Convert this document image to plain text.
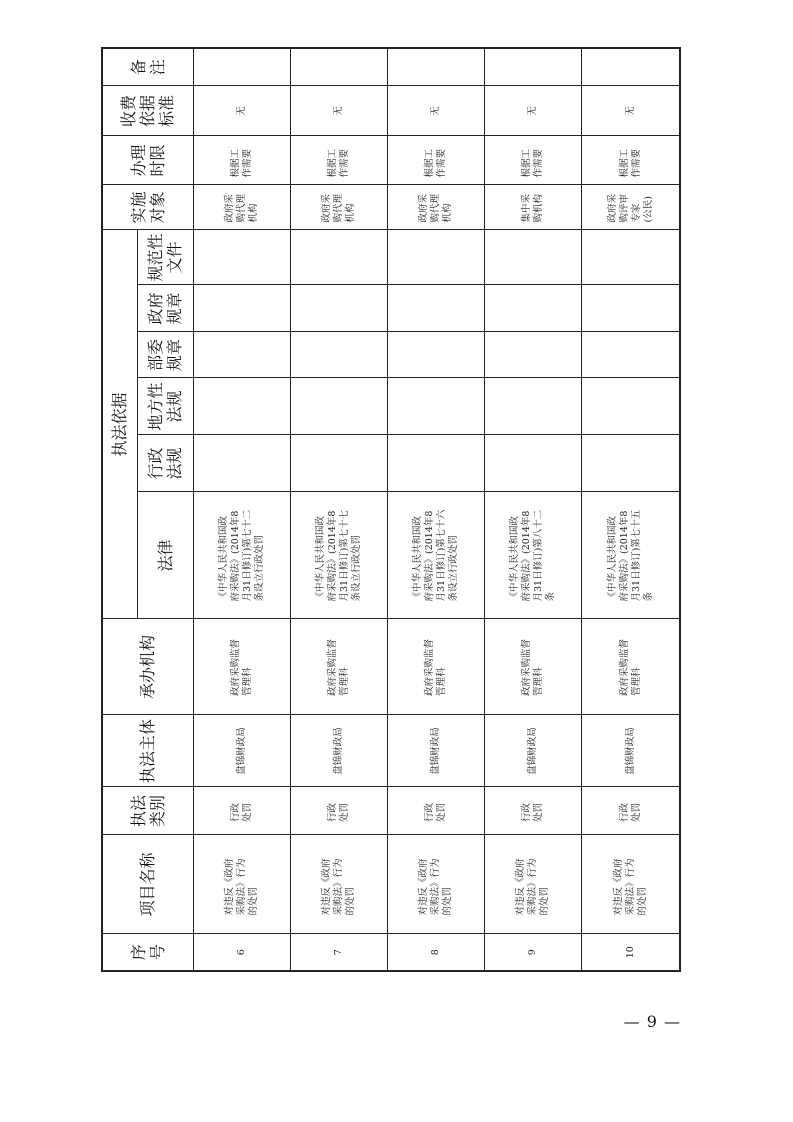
序号	项目名称	执法类别	执法主体	承办机构	执法依据						实施对象	办理时限	收费依据标准	备注
					法律	行政法规	地方性法规	部委规章	政府规章	规范性文件				
6	对违反《政府采购法》行为的处罚	行政处罚	盘锦财政局	政府采购监督管理科	《中华人民共和国政府采购法》(2014年8月31日修订)第七十二条设立行政处罚						政府采购代理机构	根据工作需要	无	
7	对违反《政府采购法》行为的处罚	行政处罚	盘锦财政局	政府采购监督管理科	《中华人民共和国政府采购法》(2014年8月31日修订)第七十七条设立行政处罚						政府采购代理机构	根据工作需要	无	
8	对违反《政府采购法》行为的处罚	行政处罚	盘锦财政局	政府采购监督管理科	《中华人民共和国政府采购法》(2014年8月31日修订)第七十六条设立行政处罚						政府采购代理机构	根据工作需要	无	
9	对违反《政府采购法》行为的处罚	行政处罚	盘锦财政局	政府采购监督管理科	《中华人民共和国政府采购法》(2014年8月31日修订)第八十二条						集中采购机构	根据工作需要	无	
10	对违反《政府采购法》行为的处罚	行政处罚	盘锦财政局	政府采购监督管理科	《中华人民共和国政府采购法》(2014年8月31日修订)第七十五条						政府采购评审专家(公民)	根据工作需要	无	
— 9 —
